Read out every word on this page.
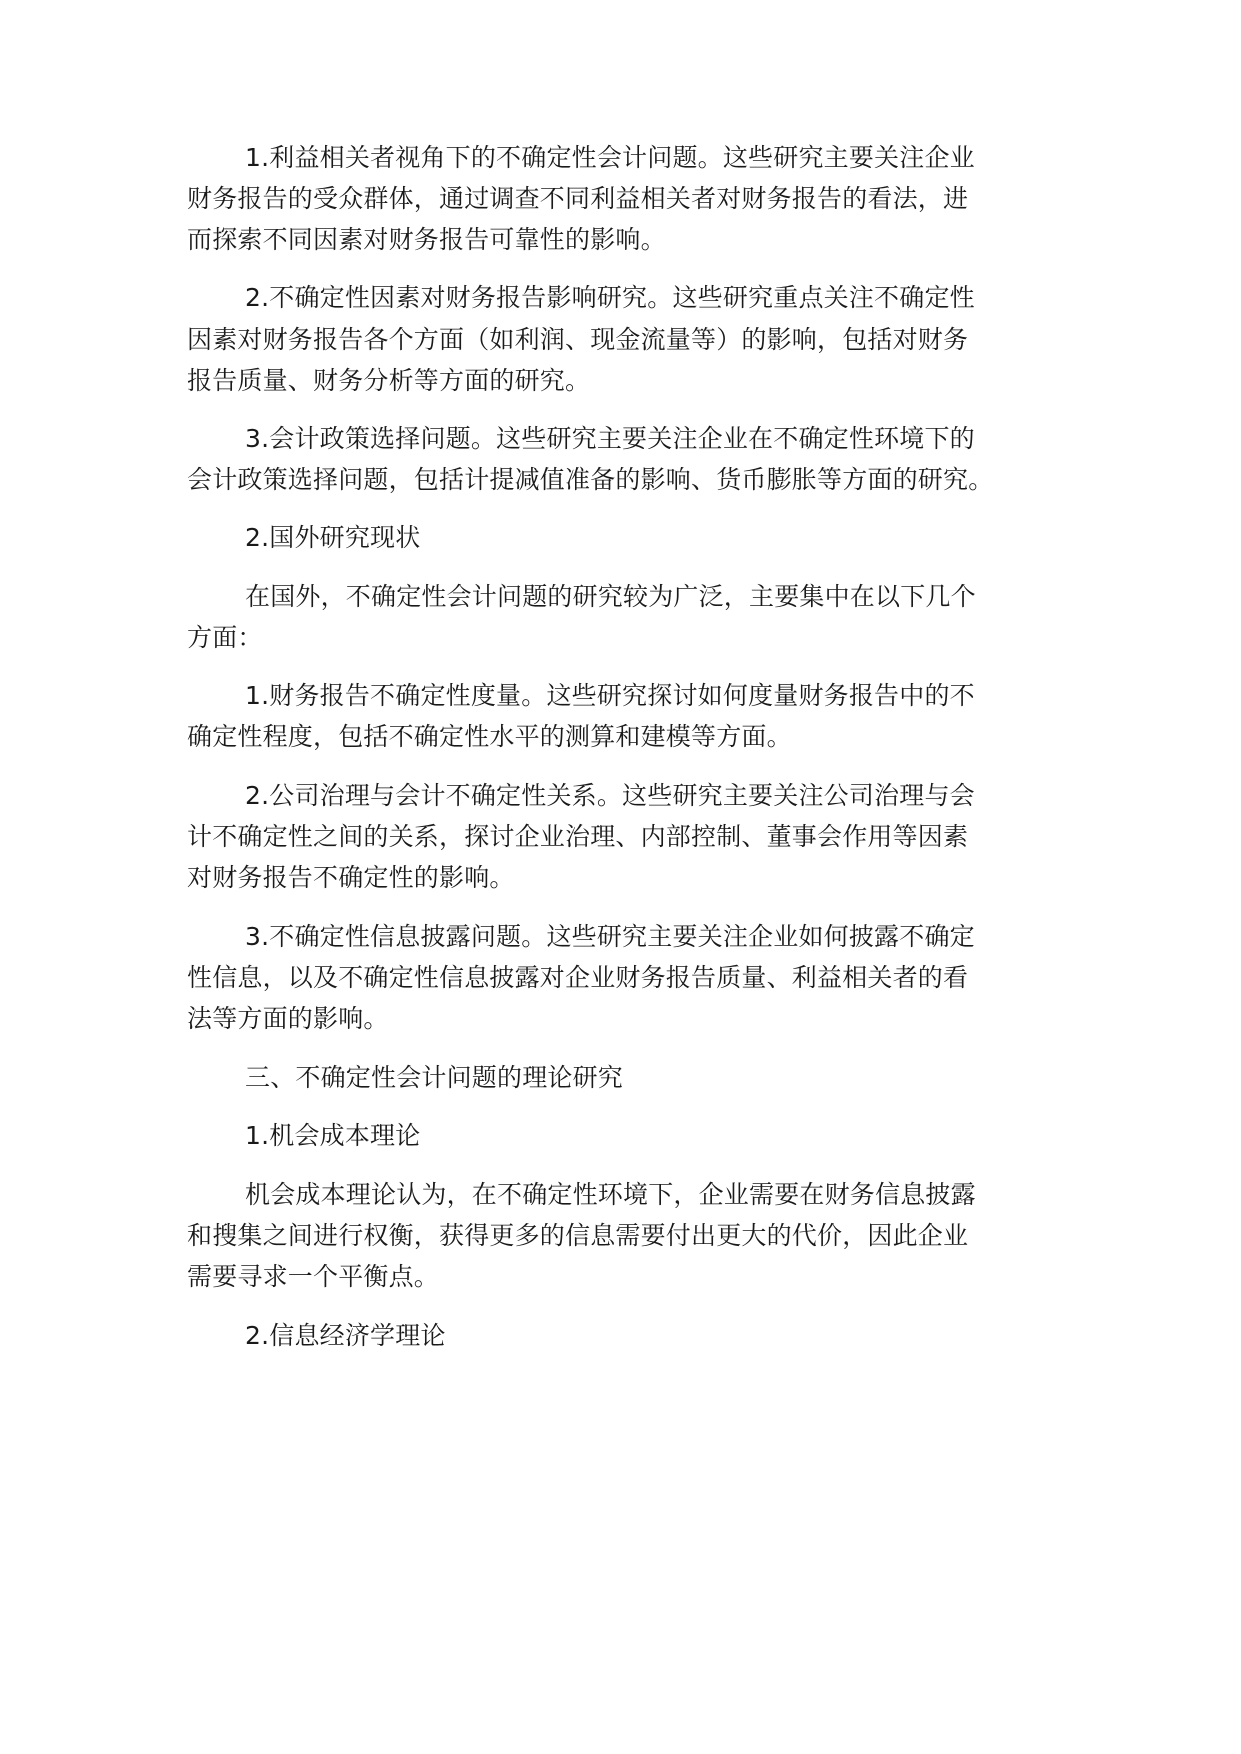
1.利益相关者视角下的不确定性会计问题。这些研究主要关注企业
财务报告的受众群体，通过调查不同利益相关者对财务报告的看法，进
而探索不同因素对财务报告可靠性的影响。
2.不确定性因素对财务报告影响研究。这些研究重点关注不确定性
因素对财务报告各个方面（如利润、现金流量等）的影响，包括对财务
报告质量、财务分析等方面的研究。
3.会计政策选择问题。这些研究主要关注企业在不确定性环境下的
会计政策选择问题，包括计提减值准备的影响、货币膨胀等方面的研究。
2.国外研究现状
在国外，不确定性会计问题的研究较为广泛，主要集中在以下几个
方面：
1.财务报告不确定性度量。这些研究探讨如何度量财务报告中的不
确定性程度，包括不确定性水平的测算和建模等方面。
2.公司治理与会计不确定性关系。这些研究主要关注公司治理与会
计不确定性之间的关系，探讨企业治理、内部控制、董事会作用等因素
对财务报告不确定性的影响。
3.不确定性信息披露问题。这些研究主要关注企业如何披露不确定
性信息，以及不确定性信息披露对企业财务报告质量、利益相关者的看
法等方面的影响。
三、不确定性会计问题的理论研究
1.机会成本理论
机会成本理论认为，在不确定性环境下，企业需要在财务信息披露
和搜集之间进行权衡，获得更多的信息需要付出更大的代价，因此企业
需要寻求一个平衡点。
2.信息经济学理论
